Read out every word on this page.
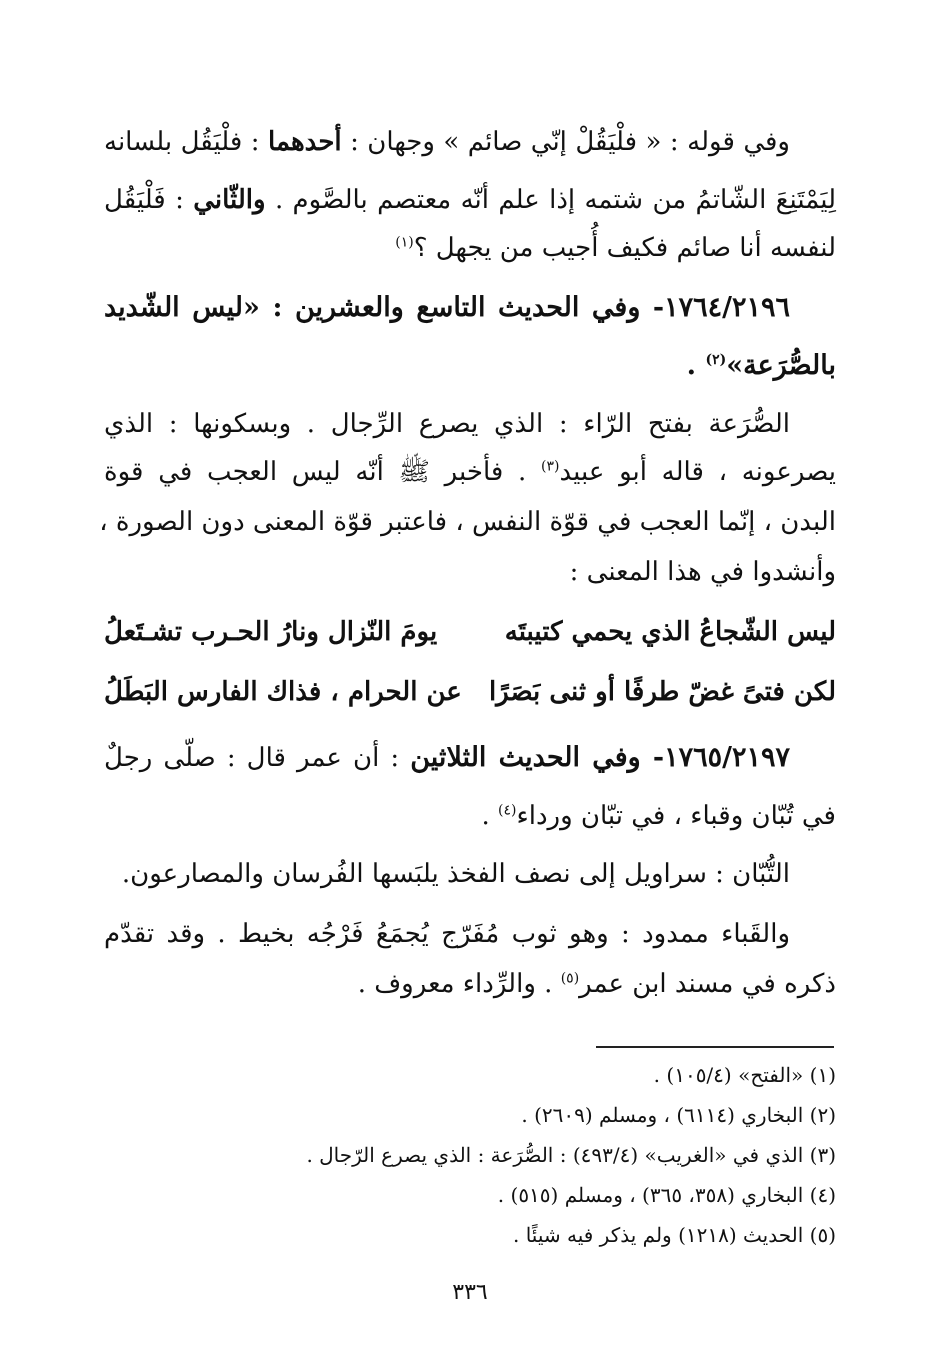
وفي قوله : « فلْيَقُلْ إنّي صائم » وجهان : أحدهما : فلْيَقُل بلسانه
لِيَمْتَنِعَ الشّاتمُ من شتمه إذا علم أنّه معتصم بالصَّوم . والثّاني : فَلْيَقُل
لنفسه أنا صائم فكيف أُجيب من يجهل ؟$^{(١)}$
١٧٦٤/٢١٩٦- وفي الحديث التاسع والعشرين : «ليس الشّديد
بالصُّرَعة»$^{(٢)}$ .
الصُّرَعة بفتح الرّاء : الذي يصرع الرِّجال . وبسكونها : الذي
يصرعونه ، قاله أبو عبيد$^{(٣)}$ . فأخبر ﷺ أنّه ليس العجب في قوة
البدن ، إنّما العجب في قوّة النفس ، فاعتبر قوّة المعنى دون الصورة ،
وأنشدوا في هذا المعنى :
ليس الشّجاعُ الذي يحمي كتيبتَه
يومَ النّزال ونارُ الحـرب تشـتَعلُ
لكن فتىً غضّ طرفًا أو ثنى بَصَرًا
عن الحرام ، فذاك الفارس البَطَلُ
١٧٦٥/٢١٩٧- وفي الحديث الثلاثين : أن عمر قال : صلّى رجلٌ
في تُبّان وقباء ، في تبّان ورداء$^{(٤)}$ .
التُّبّان : سراويل إلى نصف الفخذ يلبَسها الفُرسان والمصارعون.
والقَباء ممدود : وهو ثوب مُفَرّج يُجمَعُ فَرْجُه بخيط . وقد تقدّم
ذكره في مسند ابن عمر$^{(٥)}$ . والرِّداء معروف .
(١) «الفتح» (١٠٥/٤) .
(٢) البخاري (٦١١٤) ، ومسلم (٢٦٠٩) .
(٣) الذي في «الغريب» (٤٩٣/٤) : الصُّرَعة : الذي يصرع الرّجال .
(٤) البخاري (٣٥٨، ٣٦٥) ، ومسلم (٥١٥) .
(٥) الحديث (١٢١٨) ولم يذكر فيه شيئًا .
٣٣٦
